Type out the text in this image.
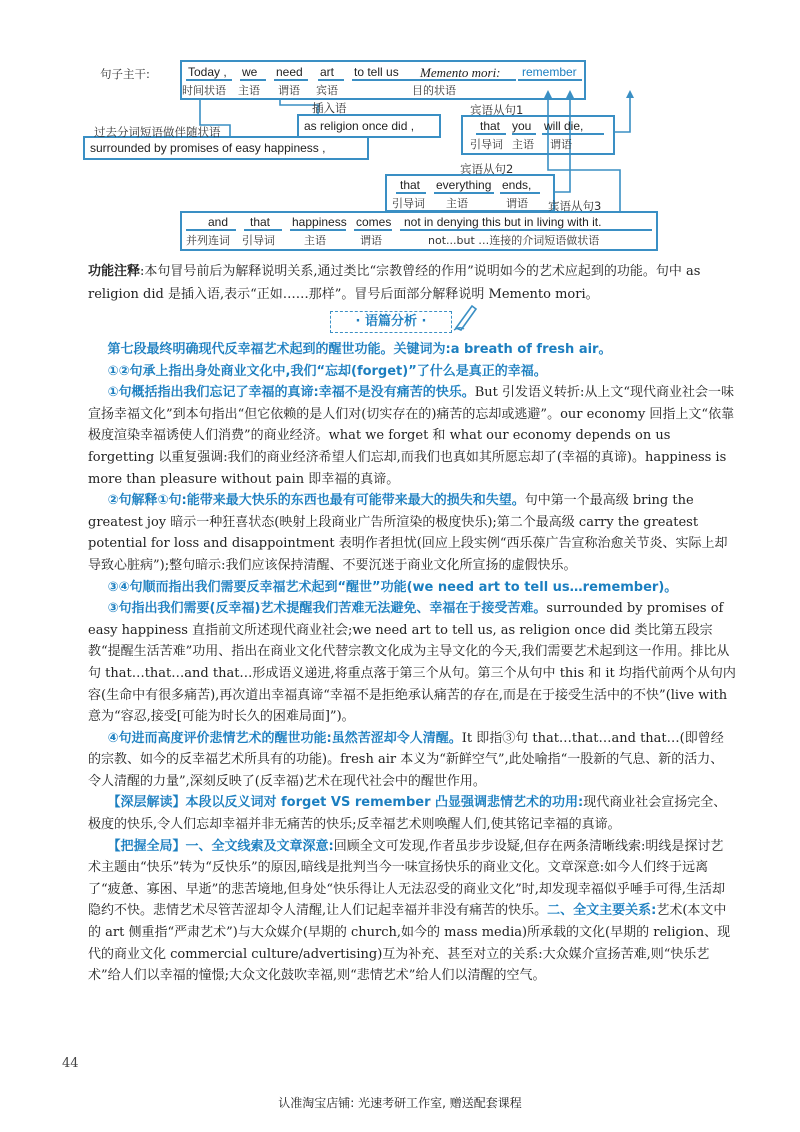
句子主干:	Today , we need art to tell us Memento mori: remember
时间状语 主语 谓语 宾语	目的状语
插入语
as religion once did ,
过去分词短语做伴随状语
surrounded by promises of easy happiness ,
宾语从句1
that you will die,
引导词 主语 谓语
宾语从句2
that everything ends,
引导词 主语	谓语 宾语从句3
and that happiness comes not in denying this but in living with it.
并列连词 引导词	主语	谓语	not...but …连接的介词短语做状语
功能注释:本句冒号前后为解释说明关系,通过类比“宗教曾经的作用”说明如今的艺术应起到的功能。句中 as religion did 是插入语,表示“正如……那样”。冒号后面部分解释说明 Memento mori。
· 语篇分析 ·

第七段最终明确现代反幸福艺术起到的醒世功能。关键词为:a breath of fresh air。

①②句承上指出身处商业文化中,我们“忘却(forget)”了什么是真正的幸福。

①句概括指出我们忘记了幸福的真谛:幸福不是没有痛苦的快乐。But 引发语义转折:从上文“现代商业社会一味宣扬幸福文化”到本句指出“但它依赖的是人们对(切实存在的)痛苦的忘却或逃避”。our economy 回指上文“依靠极度渲染幸福诱使人们消费”的商业经济。what we forget 和 what our economy depends on us forgetting 以重复强调:我们的商业经济希望人们忘却,而我们也真如其所愿忘却了(幸福的真谛)。happiness is more than pleasure without pain 即幸福的真谛。

②句解释①句:能带来最大快乐的东西也最有可能带来最大的损失和失望。句中第一个最高级 bring the greatest joy 暗示一种狂喜状态(映射上段商业广告所渲染的极度快乐);第二个最高级 carry the greatest potential for loss and disappointment 表明作者担忧(回应上段实例“西乐葆广告宣称治愈关节炎、实际上却导致心脏病”);整句暗示:我们应该保持清醒、不要沉迷于商业文化所宣扬的虚假快乐。

③④句顺而指出我们需要反幸福艺术起到“醒世”功能(we need art to tell us…remember)。

③句指出我们需要(反幸福)艺术提醒我们苦难无法避免、幸福在于接受苦难。surrounded by promises of easy happiness 直指前文所述现代商业社会;we need art to tell us, as religion once did 类比第五段宗教“提醒生活苦难”功用、指出在商业文化代替宗教文化成为主导文化的今天,我们需要艺术起到这一作用。排比从句 that…that…and that…形成语义递进,将重点落于第三个从句。第三个从句中 this 和 it 均指代前两个从句内容(生命中有很多痛苦),再次道出幸福真谛“幸福不是拒绝承认痛苦的存在,而是在于接受生活中的不快”(live with 意为“容忍,接受[可能为时长久的困难局面]”)。

④句进而高度评价悲情艺术的醒世功能:虽然苦涩却令人清醒。It 即指③句 that…that…and that…(即曾经的宗教、如今的反幸福艺术所具有的功能)。fresh air 本义为“新鲜空气”,此处喻指“一股新的气息、新的活力、令人清醒的力量”,深刻反映了(反幸福)艺术在现代社会中的醒世作用。

【深层解读】本段以反义词对 forget VS remember 凸显强调悲情艺术的功用:现代商业社会宣扬完全、极度的快乐,令人们忘却幸福并非无痛苦的快乐;反幸福艺术则唤醒人们,使其铭记幸福的真谛。

【把握全局】一、全文线索及文章深意:回顾全文可发现,作者虽步步设疑,但存在两条清晰线索:明线是探讨艺术主题由“快乐”转为“反快乐”的原因,暗线是批判当今一味宣扬快乐的商业文化。文章深意:如今人们终于远离了“疲惫、寡困、早逝”的悲苦境地,但身处“快乐得让人无法忍受的商业文化”时,却发现幸福似乎唾手可得,生活却隐约不快。悲情艺术尽管苦涩却令人清醒,让人们记起幸福并非没有痛苦的快乐。二、全文主要关系:艺术(本文中的 art 侧重指“严肃艺术”)与大众媒介(早期的 church,如今的 mass media)所承载的文化(早期的 religion、现代的商业文化 commercial culture/advertising)互为补充、甚至对立的关系:大众媒介宣扬苦难,则“快乐艺术”给人们以幸福的憧憬;大众文化鼓吹幸福,则“悲情艺术”给人们以清醒的空气。

44
认准淘宝店铺: 光速考研工作室, 赠送配套课程
